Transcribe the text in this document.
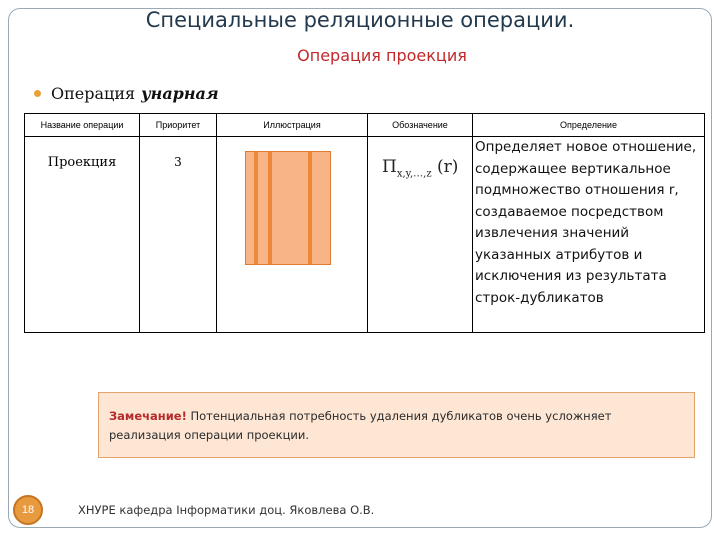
Специальные реляционные операции.
Операция проекция
Операция унарная
Название операции	Приоритет	Иллюстрация	Обозначение	Определение
Проекция	3		$\Pi_{x,y,\dots,z}$ (r)	Определяет новое отношение, содержащее вертикальное подмножество отношения r, создаваемое посредством извлечения значений указанных атрибутов и исключения из результата строк-дубликатов
Замечание! Потенциальная потребность удаления дубликатов очень усложняет реализация операции проекции.
18	ХНУРЕ кафедра Інформатики доц. Яковлева О.В.
